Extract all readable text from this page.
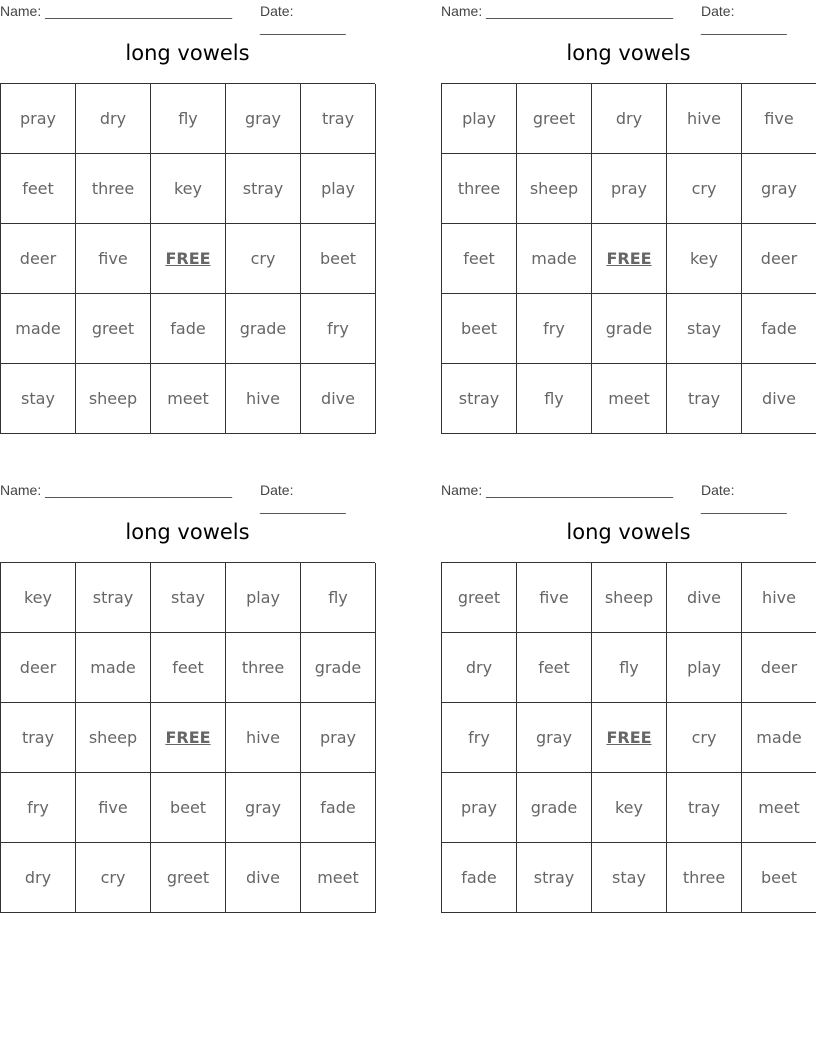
Name: ________________________ Date: ___________
long vowels
pray	dry	fly	gray	tray
feet	three	key	stray	play
deer	five	FREE	cry	beet
made	greet	fade	grade	fry
stay	sheep	meet	hive	dive
Name: ________________________ Date: ___________
long vowels
play	greet	dry	hive	five
three	sheep	pray	cry	gray
feet	made	FREE	key	deer
beet	fry	grade	stay	fade
stray	fly	meet	tray	dive
Name: ________________________ Date: ___________
long vowels
key	stray	stay	play	fly
deer	made	feet	three	grade
tray	sheep	FREE	hive	pray
fry	five	beet	gray	fade
dry	cry	greet	dive	meet
Name: ________________________ Date: ___________
long vowels
greet	five	sheep	dive	hive
dry	feet	fly	play	deer
fry	gray	FREE	cry	made
pray	grade	key	tray	meet
fade	stray	stay	three	beet
